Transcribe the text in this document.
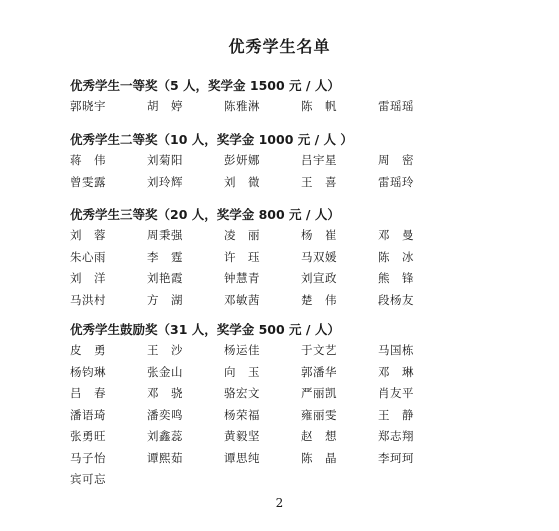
优秀学生名单
优秀学生一等奖（5 人，奖学金 1500 元 / 人）
郭晓宇	胡　婷	陈雅淋	陈　帆	雷瑶瑶
优秀学生二等奖（10 人，奖学金 1000 元 / 人 ）
蒋　伟	刘菊阳	彭妍娜	吕宇星	周　密
曾雯露	刘玲辉	刘　微	王　喜	雷瑶玲
优秀学生三等奖（20 人，奖学金 800 元 / 人）
刘　蓉	周秉强	凌　丽	杨　崔	邓　曼
朱心雨	李　霆	许　珏	马双媛	陈　冰
刘　洋	刘艳霞	钟慧青	刘宣政	熊　锋
马洪村	方　湖	邓敏茜	楚　伟	段杨友
优秀学生鼓励奖（31 人，奖学金 500 元 / 人）
皮　勇	王　沙	杨运佳	于文艺	马国栋
杨钧琳	张金山	向　玉	郭潘华	邓　琳
吕　春	邓　骁	骆宏文	严丽凯	肖友平
潘语琦	潘奕鸣	杨荣福	雍丽雯	王　静
张勇旺	刘鑫蕊	黄毅坚	赵　想	郑志翔
马子怡	谭熙茹	谭思纯	陈　晶	李珂珂
宾可忘
2
